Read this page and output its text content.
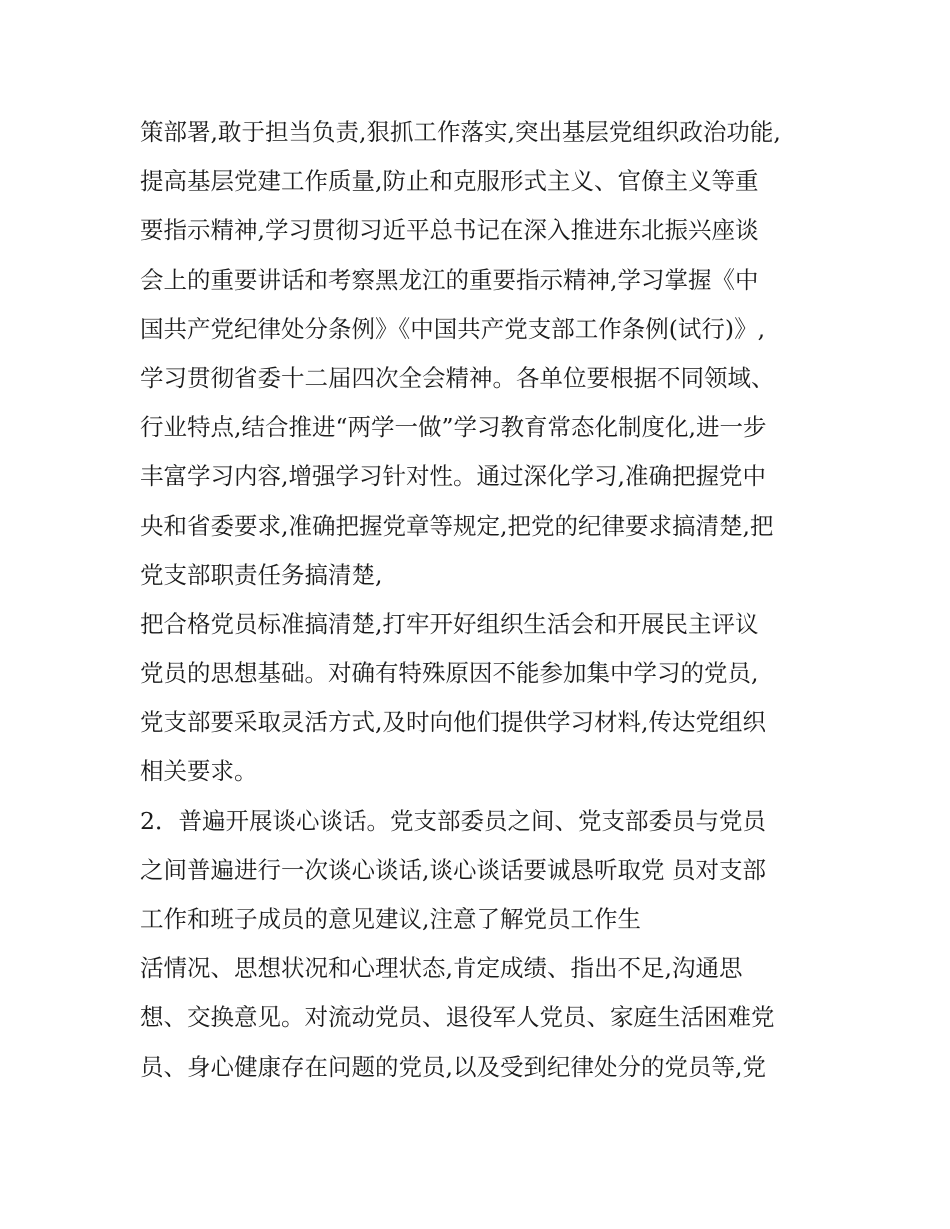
策部署,敢于担当负责,狠抓工作落实,突出基层党组织政治功能,
提高基层党建工作质量,防止和克服形式主义、官僚主义等重
要指示精神,学习贯彻习近平总书记在深入推进东北振兴座谈
会上的重要讲话和考察黑龙江的重要指示精神,学习掌握《中
国共产党纪律处分条例》《中国共产党支部工作条例(试行)》,
学习贯彻省委十二届四次全会精神。各单位要根据不同领域、
行业特点,结合推进“两学一做”学习教育常态化制度化,进一步
丰富学习内容,增强学习针对性。通过深化学习,准确把握党中
央和省委要求,准确把握党章等规定,把党的纪律要求搞清楚,把
党支部职责任务搞清楚,
把合格党员标准搞清楚,打牢开好组织生活会和开展民主评议
党员的思想基础。对确有特殊原因不能参加集中学习的党员,
党支部要采取灵活方式,及时向他们提供学习材料,传达党组织
相关要求。
2．普遍开展谈心谈话。党支部委员之间、党支部委员与党员
之间普遍进行一次谈心谈话,谈心谈话要诚恳听取党 员对支部
工作和班子成员的意见建议,注意了解党员工作生
活情况、思想状况和心理状态,肯定成绩、指出不足,沟通思
想、交换意见。对流动党员、退役军人党员、家庭生活困难党
员、身心健康存在问题的党员,以及受到纪律处分的党员等,党
